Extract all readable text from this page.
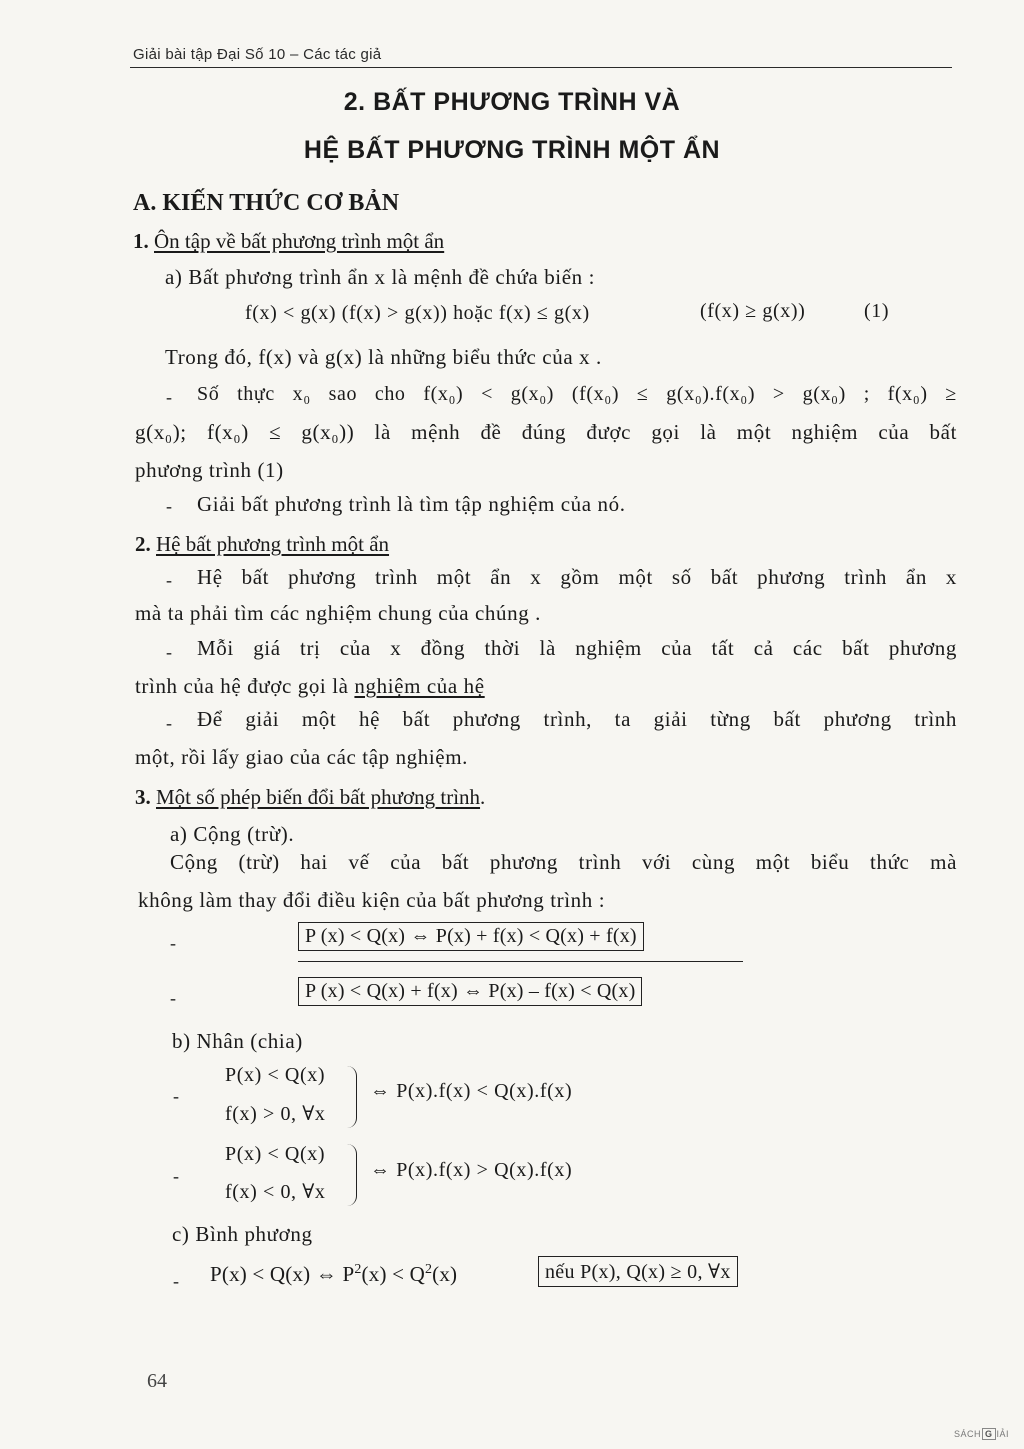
Giải bài tập Đại Số 10 – Các tác giả
2. BẤT PHƯƠNG TRÌNH VÀ
HỆ BẤT PHƯƠNG TRÌNH MỘT ẨN
A. KIẾN THỨC CƠ BẢN
1. Ôn tập về bất phương trình một ẩn
a) Bất phương trình ẩn x là mệnh đề chứa biến :
f(x) < g(x) (f(x) > g(x)) hoặc f(x) ≤ g(x)	(f(x) ≥ g(x))	(1)
Trong đó, f(x) và g(x) là những biểu thức của x .
- Số thực x₀ sao cho f(x₀) < g(x₀) (f(x₀) ≤ g(x₀).f(x₀) > g(x₀) ; f(x₀) ≥
g(x₀); f(x₀) ≤ g(x₀)) là mệnh đề đúng được gọi là một nghiệm của bất
phương trình (1)
- Giải bất phương trình là tìm tập nghiệm của nó.
2. Hệ bất phương trình một ẩn
- Hệ bất phương trình một ẩn x gồm một số bất phương trình ẩn x
mà ta phải tìm các nghiệm chung của chúng .
- Mỗi giá trị của x đồng thời là nghiệm của tất cả các bất phương
trình của hệ được gọi là nghiệm của hệ
- Để giải một hệ bất phương trình, ta giải từng bất phương trình
một, rồi lấy giao của các tập nghiệm.
3. Một số phép biến đổi bất phương trình.
a) Cộng (trừ).
Cộng (trừ) hai vế của bất phương trình với cùng một biểu thức mà
không làm thay đổi điều kiện của bất phương trình :
-	P (x) < Q(x) ⇔ P(x) + f(x) < Q(x) + f(x)
-	P (x) < Q(x) + f(x) ⇔ P(x) – f(x) < Q(x)
b) Nhân (chia)
-
P(x) < Q(x)
f(x) > 0, ∀x
⇔ P(x).f(x) < Q(x).f(x)
-
P(x) < Q(x)
f(x) < 0, ∀x
⇔ P(x).f(x) > Q(x).f(x)
c) Bình phương
- P(x) < Q(x) ⇔ $P^2(x) < Q^2(x)$	nếu P(x), Q(x) ≥ 0, ∀x
64
SÁCH G IẢI
